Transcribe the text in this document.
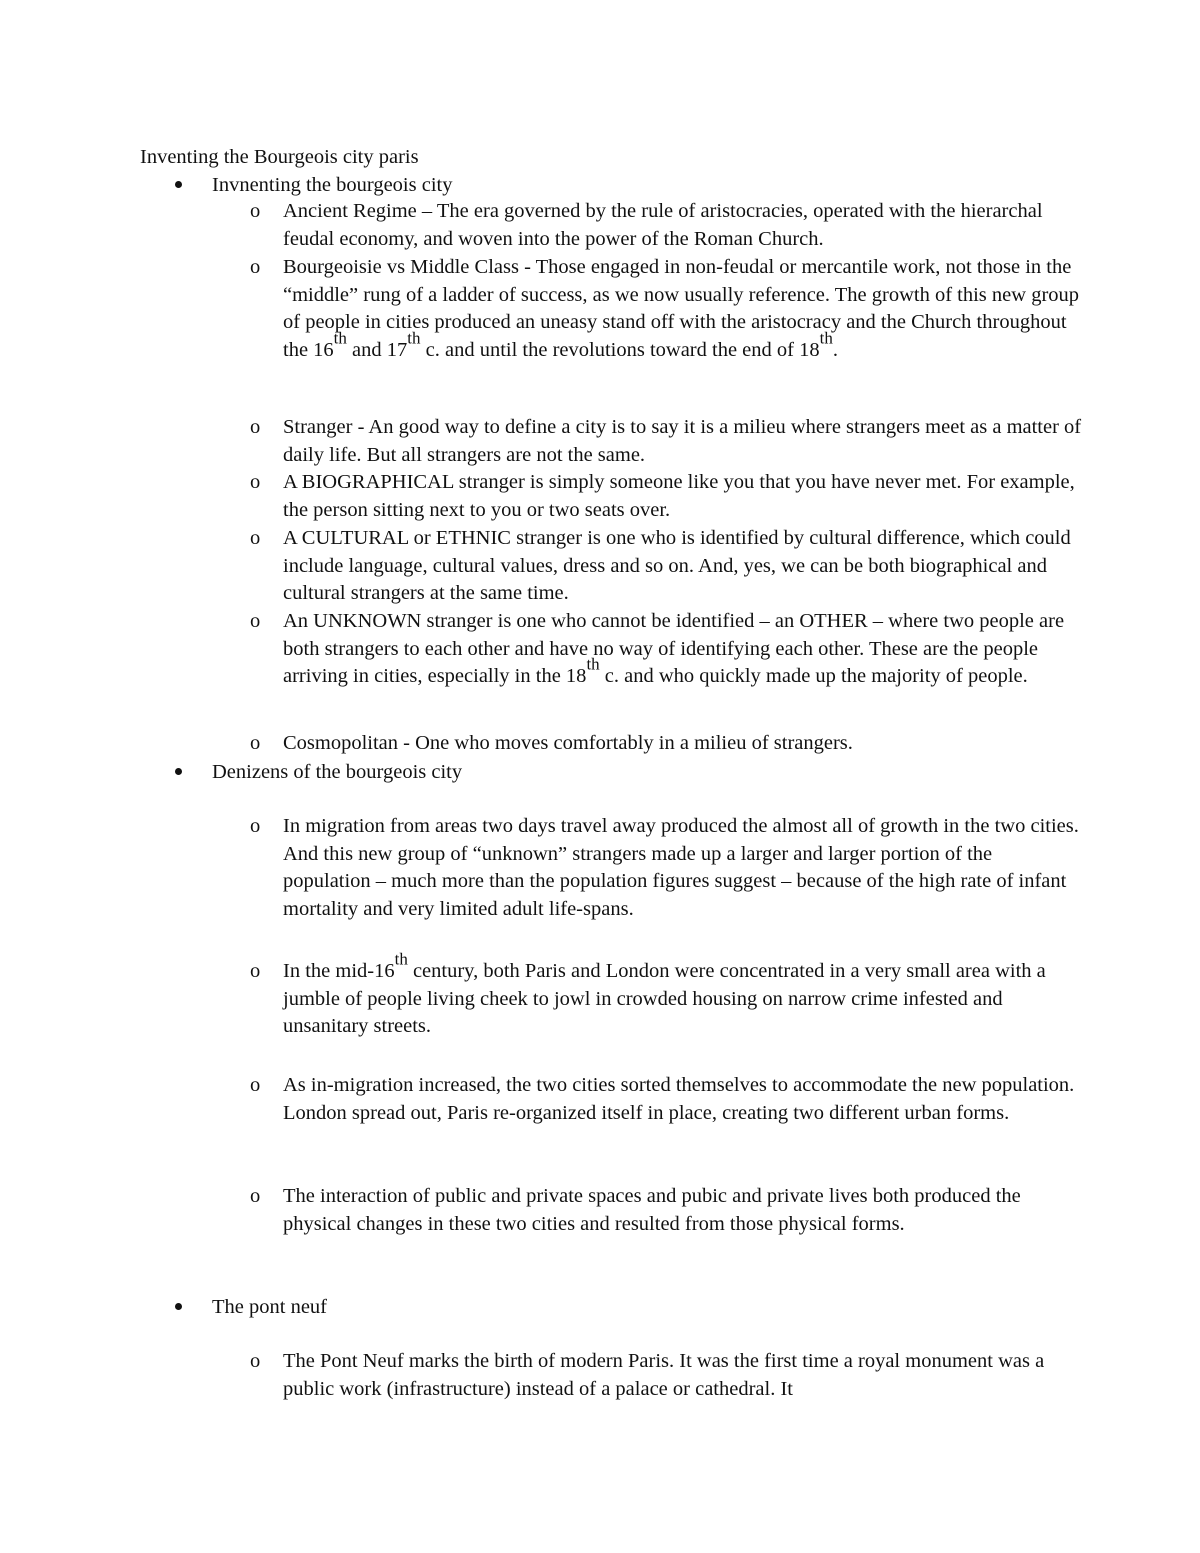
Inventing the Bourgeois city paris
Invnenting the bourgeois city
o Ancient Regime – The era governed by the rule of aristocracies, operated with the hierarchal feudal economy, and woven into the power of the Roman Church.

o Bourgeoisie vs Middle Class - Those engaged in non-feudal or mercantile work, not those in the “middle” rung of a ladder of success, as we now usually reference. The growth of this new group of people in cities produced an uneasy stand off with the aristocracy and the Church throughout the 16th and 17th c. and until the revolutions toward the end of 18th.

o Stranger - An good way to define a city is to say it is a milieu where strangers meet as a matter of daily life. But all strangers are not the same.

o A BIOGRAPHICAL stranger is simply someone like you that you have never met. For example, the person sitting next to you or two seats over.

o A CULTURAL or ETHNIC stranger is one who is identified by cultural difference, which could include language, cultural values, dress and so on. And, yes, we can be both biographical and cultural strangers at the same time.

o An UNKNOWN stranger is one who cannot be identified – an OTHER – where two people are both strangers to each other and have no way of identifying each other. These are the people arriving in cities, especially in the 18th c. and who quickly made up the majority of people.

o Cosmopolitan - One who moves comfortably in a milieu of strangers.

Denizens of the bourgeois city
o In migration from areas two days travel away produced the almost all of growth in the two cities. And this new group of “unknown” strangers made up a larger and larger portion of the population – much more than the population figures suggest – because of the high rate of infant mortality and very limited adult life-spans.

o In the mid-16th century, both Paris and London were concentrated in a very small area with a jumble of people living cheek to jowl in crowded housing on narrow crime infested and unsanitary streets.

o As in-migration increased, the two cities sorted themselves to accommodate the new population. London spread out, Paris re-organized itself in place, creating two different urban forms.

o The interaction of public and private spaces and pubic and private lives both produced the physical changes in these two cities and resulted from those physical forms.

The pont neuf
o The Pont Neuf marks the birth of modern Paris. It was the first time a royal monument was a public work (infrastructure) instead of a palace or cathedral. It
